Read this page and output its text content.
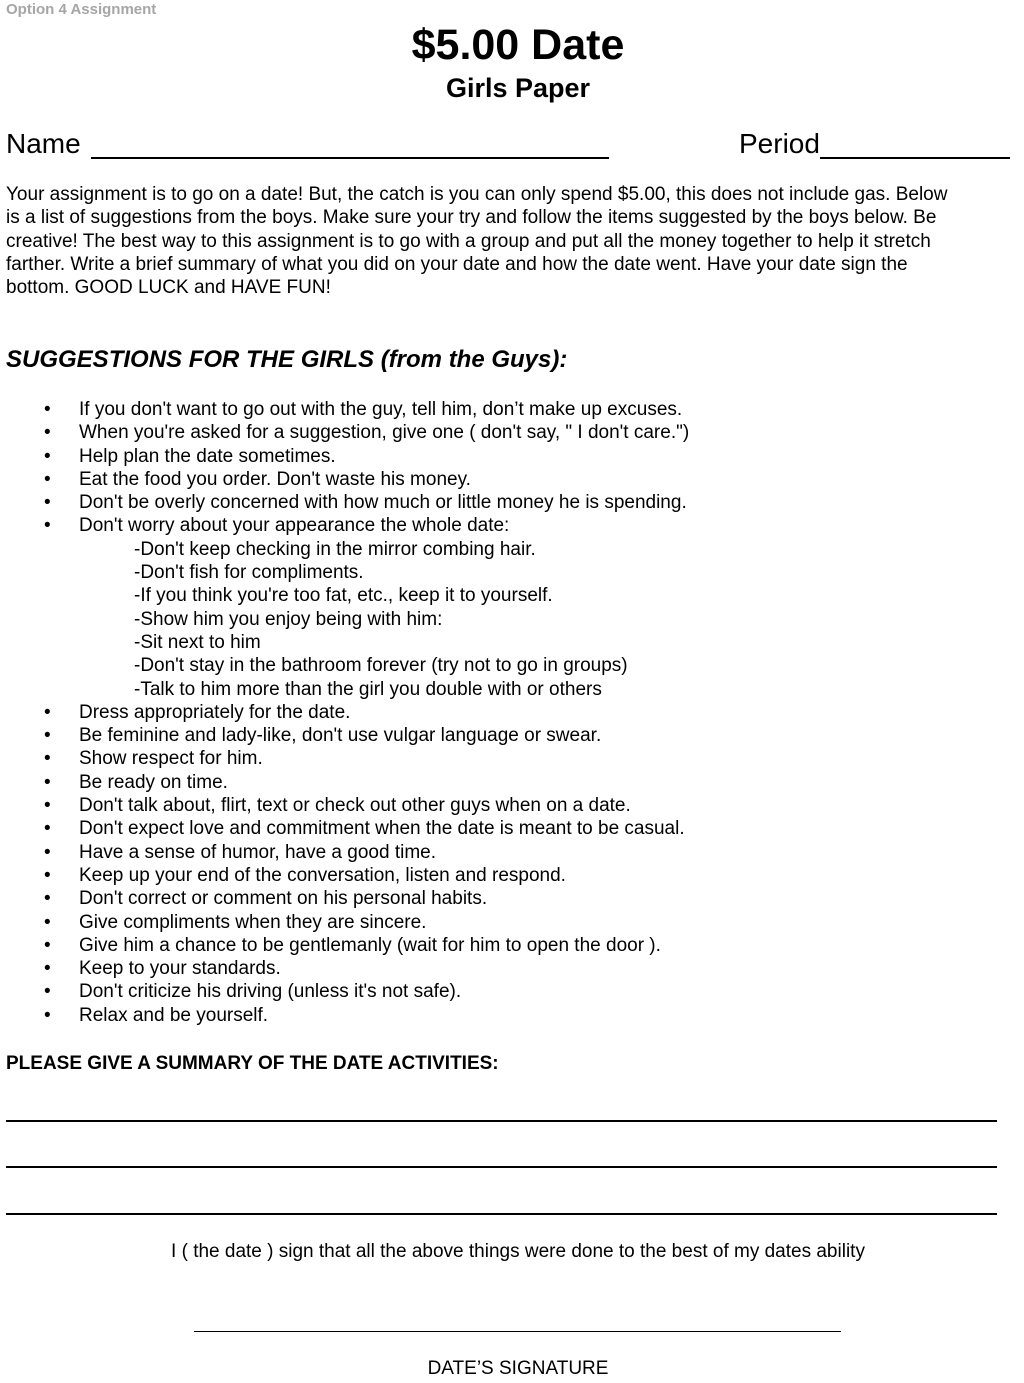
Option 4 Assignment
$5.00 Date
Girls Paper
Name	Period
Your assignment is to go on a date! But, the catch is you can only spend $5.00, this does not include gas. Below
is a list of suggestions from the boys. Make sure your try and follow the items suggested by the boys below. Be
creative! The best way to this assignment is to go with a group and put all the money together to help it stretch
farther. Write a brief summary of what you did on your date and how the date went. Have your date sign the
bottom. GOOD LUCK and HAVE FUN!
SUGGESTIONS FOR THE GIRLS (from the Guys):
• If you don't want to go out with the guy, tell him, don’t make up excuses.
• When you're asked for a suggestion, give one ( don't say, " I don't care.")
• Help plan the date sometimes.
• Eat the food you order. Don't waste his money.
• Don't be overly concerned with how much or little money he is spending.
• Don't worry about your appearance the whole date:
-Don't keep checking in the mirror combing hair.
-Don't fish for compliments.
-If you think you're too fat, etc., keep it to yourself.
-Show him you enjoy being with him:
-Sit next to him
-Don't stay in the bathroom forever (try not to go in groups)
-Talk to him more than the girl you double with or others
• Dress appropriately for the date.
• Be feminine and lady-like, don't use vulgar language or swear.
• Show respect for him.
• Be ready on time.
• Don't talk about, flirt, text or check out other guys when on a date.
• Don't expect love and commitment when the date is meant to be casual.
• Have a sense of humor, have a good time.
• Keep up your end of the conversation, listen and respond.
• Don't correct or comment on his personal habits.
• Give compliments when they are sincere.
• Give him a chance to be gentlemanly (wait for him to open the door ).
• Keep to your standards.
• Don't criticize his driving (unless it's not safe).
• Relax and be yourself.
PLEASE GIVE A SUMMARY OF THE DATE ACTIVITIES:
I ( the date ) sign that all the above things were done to the best of my dates ability
DATE’S SIGNATURE
